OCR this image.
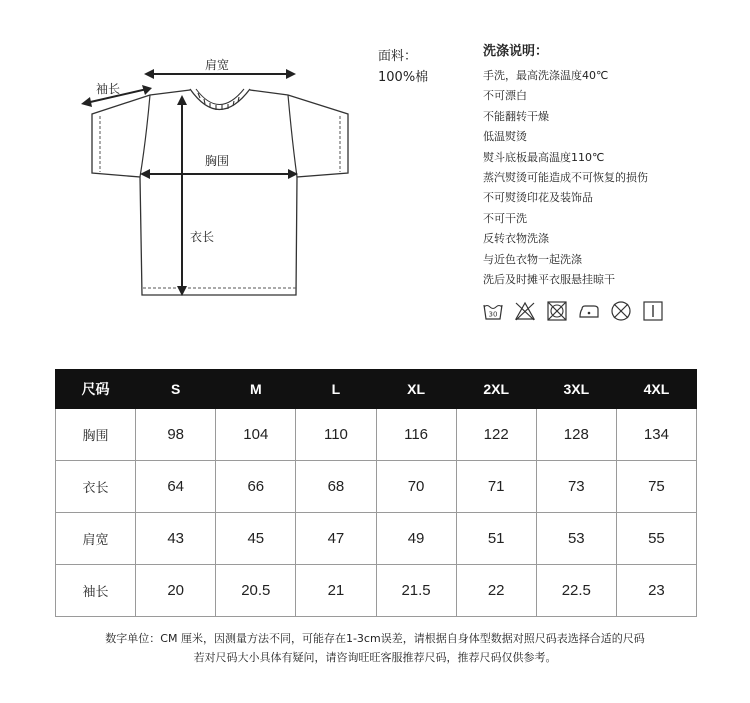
肩宽
袖长
胸围
衣长
面料：
100%棉
洗涤说明：
手洗，最高洗涤温度40℃
不可漂白
不能翻转干燥
低温熨烫
熨斗底板最高温度110℃
蒸汽熨烫可能造成不可恢复的损伤
不可熨烫印花及装饰品
不可干洗
反转衣物洗涤
与近色衣物一起洗涤
洗后及时摊平衣服悬挂晾干
30
尺码	S	M	L	XL	2XL	3XL	4XL
胸围	98	104	110	116	122	128	134
衣长	64	66	68	70	71	73	75
肩宽	43	45	47	49	51	53	55
袖长	20	20.5	21	21.5	22	22.5	23
数字单位：CM 厘米，因测量方法不同，可能存在1-3cm误差，请根据自身体型数据对照尺码表选择合适的尺码
若对尺码大小具体有疑问，请咨询旺旺客服推荐尺码，推荐尺码仅供参考。
